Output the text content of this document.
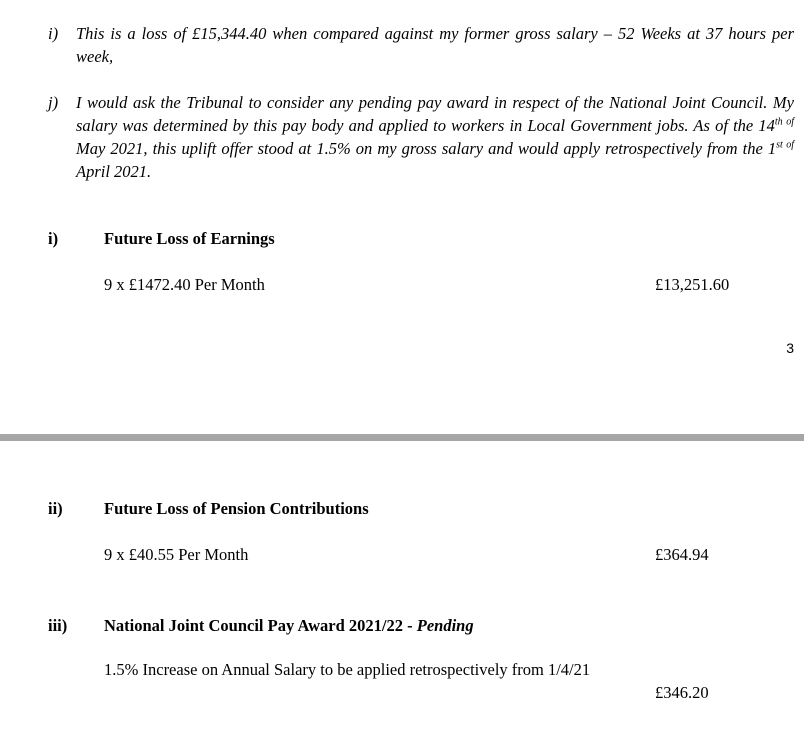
i) This is a loss of £15,344.40 when compared against my former gross salary – 52 Weeks at 37 hours per week,
j) I would ask the Tribunal to consider any pending pay award in respect of the National Joint Council. My salary was determined by this pay body and applied to workers in Local Government jobs. As of the $14^{th of}$ May 2021, this uplift offer stood at 1.5% on my gross salary and would apply retrospectively from the $1^{st of}$ April 2021.
i)	Future Loss of Earnings
9 x £1472.40 Per Month	£13,251.60
3
ii)	Future Loss of Pension Contributions
9 x £40.55 Per Month	£364.94
iii) National Joint Council Pay Award 2021/22 - Pending
1.5% Increase on Annual Salary to be applied retrospectively from 1/4/21
£346.20
